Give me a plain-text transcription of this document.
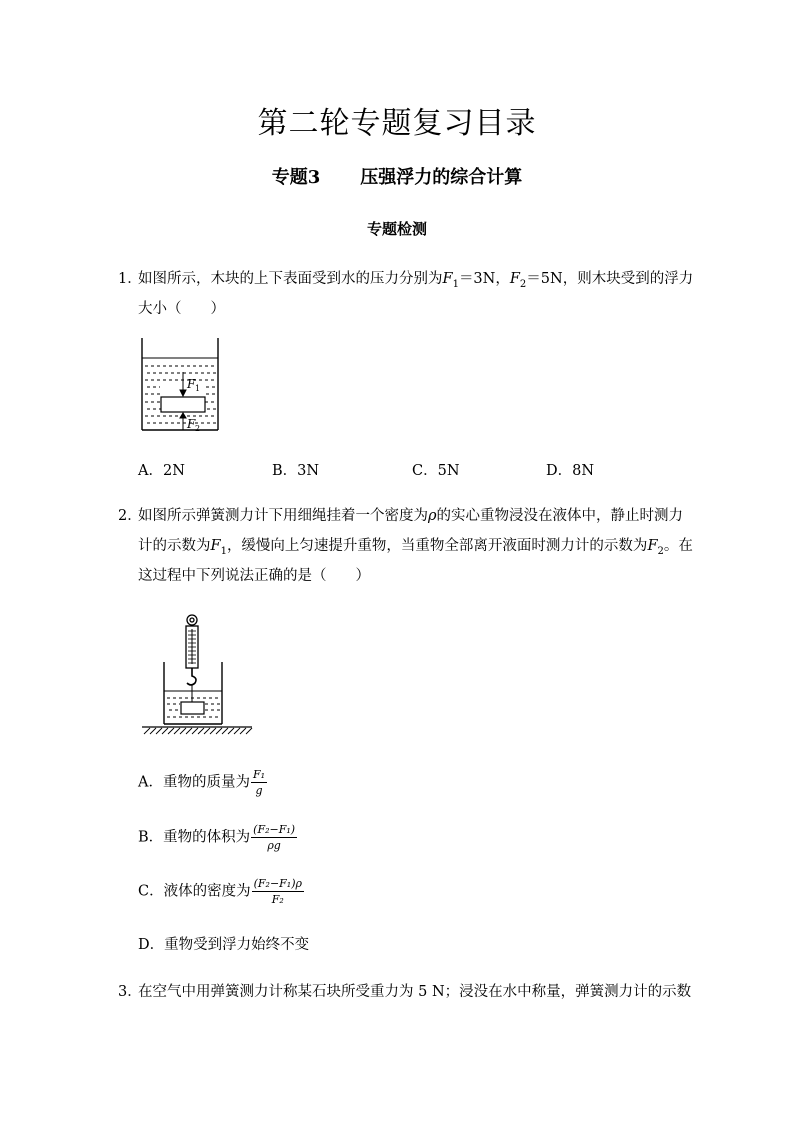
第二轮专题复习目录
专题3 压强浮力的综合计算
专题检测
1．
如图所示，木块的上下表面受到水的压力分别为$F_1=3N$，$F_2=5N$，则木块受到的浮力
大小（　　）
F 1
F 2
A．2N	B．3N	C．5N	D．8N
2．
如图所示弹簧测力计下用细绳挂着一个密度为ρ的实心重物浸没在液体中，静止时测力
计的示数为$F_1$，缓慢向上匀速提升重物，当重物全部离开液面时测力计的示数为$F_2$。在
这过程中下列说法正确的是（　　）
A．重物的质量为 $\frac{\text{F₁}}{g}$
B．重物的体积为 $\frac{\text{(F₂−F₁)}}{\rho g}$
C．液体的密度为 $\frac{\text{(F₂−F₁)ρ}}{\text{F₂}}$
D．重物受到浮力始终不变
3．
在空气中用弹簧测力计称某石块所受重力为 5 N；浸没在水中称量，弹簧测力计的示数
